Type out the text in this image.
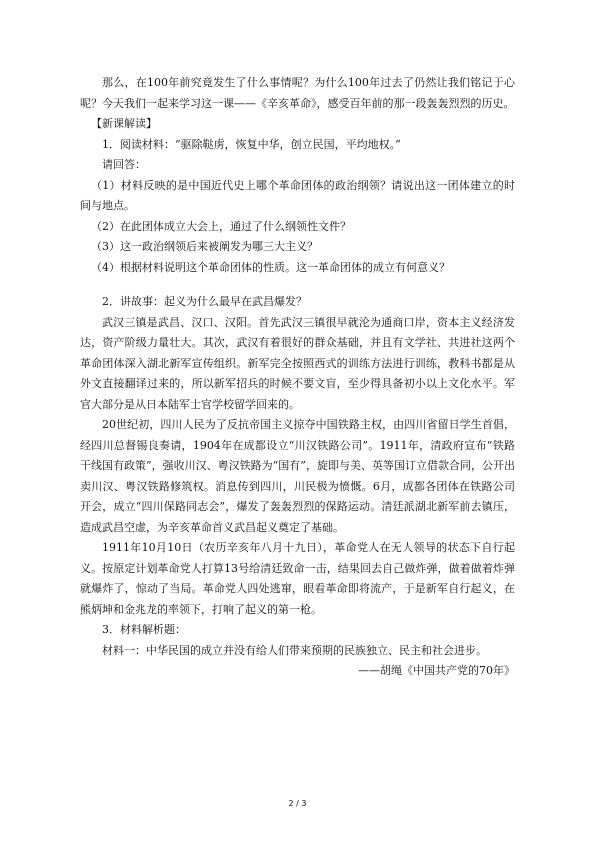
那么，在100年前究竟发生了什么事情呢？为什么100年过去了仍然让我们铭记于心呢？今天我们一起来学习这一课——《辛亥革命》，感受百年前的那一段轰轰烈烈的历史。

【新课解读】

1．阅读材料：“驱除鞑虏，恢复中华，创立民国，平均地权。”

请回答：

（1）材料反映的是中国近代史上哪个革命团体的政治纲领？请说出这一团体建立的时间与地点。

（2）在此团体成立大会上，通过了什么纲领性文件？

（3）这一政治纲领后来被阐发为哪三大主义？

（4）根据材料说明这个革命团体的性质。这一革命团体的成立有何意义？

2．讲故事：起义为什么最早在武昌爆发？

武汉三镇是武昌、汉口、汉阳。首先武汉三镇很早就沦为通商口岸，资本主义经济发达，资产阶级力量壮大。其次，武汉有着很好的群众基础，并且有文学社、共进社这两个革命团体深入湖北新军宣传组织。新军完全按照西式的训练方法进行训练，教科书都是从外文直接翻译过来的，所以新军招兵的时候不要文盲，至少得具备初小以上文化水平。军官大部分是从日本陆军士官学校留学回来的。

20世纪初，四川人民为了反抗帝国主义掠夺中国铁路主权，由四川省留日学生首倡，经四川总督锡良奏请，1904年在成都设立“川汉铁路公司”。1911年，清政府宣布“铁路干线国有政策”，强收川汉、粤汉铁路为“国有”，旋即与美、英等国订立借款合同，公开出卖川汉、粤汉铁路修筑权。消息传到四川，川民极为愤慨。6月，成都各团体在铁路公司开会，成立“四川保路同志会”，爆发了轰轰烈烈的保路运动。清廷派湖北新军前去镇压，造成武昌空虚，为辛亥革命首义武昌起义奠定了基础。

1911年10月10日（农历辛亥年八月十九日），革命党人在无人领导的状态下自行起义。按原定计划革命党人打算13号给清廷致命一击，结果回去自己做炸弹，做着做着炸弹就爆炸了，惊动了当局。革命党人四处逃窜，眼看革命即将流产，于是新军自行起义，在熊炳坤和金兆龙的率领下，打响了起义的第一枪。

3．材料解析题：

材料一：中华民国的成立并没有给人们带来预期的民族独立、民主和社会进步。

——胡绳《中国共产党的70年》

2 / 3
